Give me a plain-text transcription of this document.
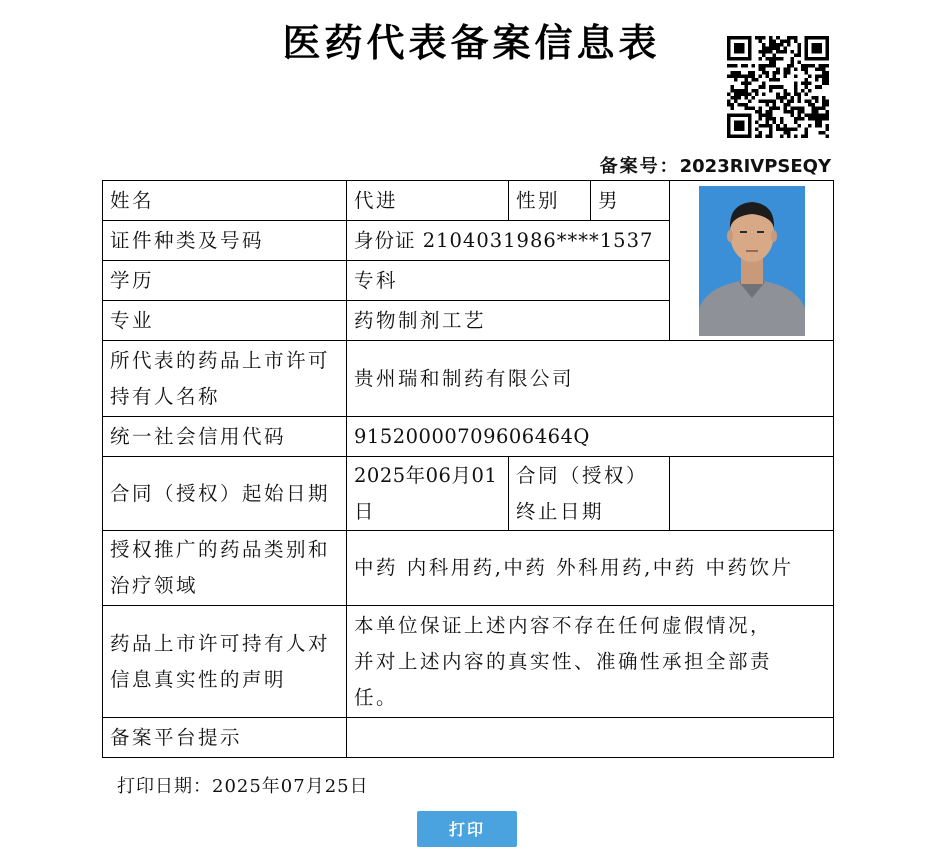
医药代表备案信息表
备案号：2023RIVPSEQY
姓名	代进	性别	男	

证件种类及号码	身份证 2104031986****1537			
学历	专科			
专业	药物制剂工艺			
所代表的药品上市许可持有人名称	贵州瑞和制药有限公司			
统一社会信用代码	91520000709606464Q			
合同（授权）起始日期	2025年06月01日	合同（授权）终止日期		
授权推广的药品类别和治疗领域	中药 内科用药,中药 外科用药,中药 中药饮片			
药品上市许可持有人对信息真实性的声明	本单位保证上述内容不存在任何虚假情况，并对上述内容的真实性、准确性承担全部责任。			
备案平台提示				
打印日期：2025年07月25日
打印
